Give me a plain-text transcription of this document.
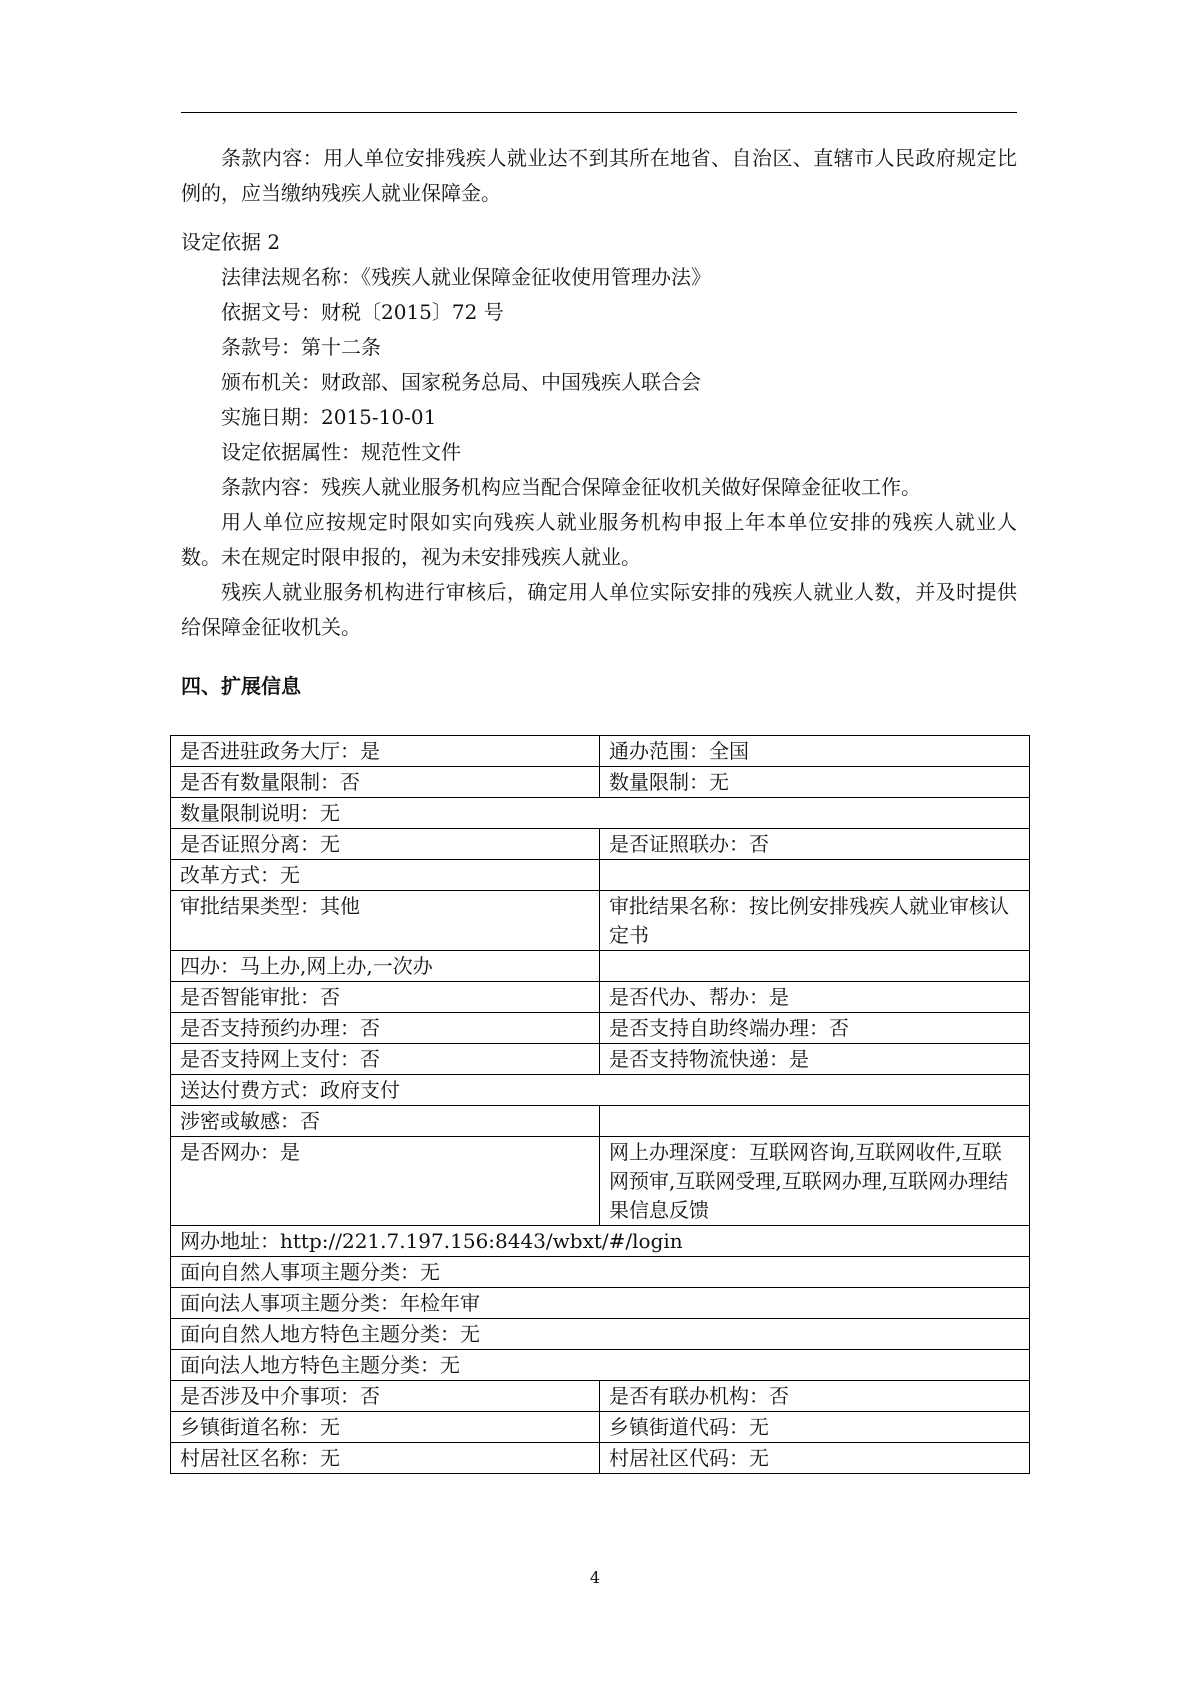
条款内容：用人单位安排残疾人就业达不到其所在地省、自治区、直辖市人民政府规定比例的，应当缴纳残疾人就业保障金。

设定依据 2

法律法规名称：《残疾人就业保障金征收使用管理办法》

依据文号：财税〔2015〕72 号

条款号：第十二条

颁布机关：财政部、国家税务总局、中国残疾人联合会

实施日期：2015-10-01

设定依据属性：规范性文件

条款内容：残疾人就业服务机构应当配合保障金征收机关做好保障金征收工作。

用人单位应按规定时限如实向残疾人就业服务机构申报上年本单位安排的残疾人就业人数。未在规定时限申报的，视为未安排残疾人就业。

残疾人就业服务机构进行审核后，确定用人单位实际安排的残疾人就业人数，并及时提供给保障金征收机关。

四、扩展信息

是否进驻政务大厅：是	通办范围：全国
是否有数量限制：否	数量限制：无
数量限制说明：无	
是否证照分离：无	是否证照联办：否
改革方式：无	
审批结果类型：其他	审批结果名称：按比例安排残疾人就业审核认定书
四办：马上办,网上办,一次办	
是否智能审批：否	是否代办、帮办：是
是否支持预约办理：否	是否支持自助终端办理：否
是否支持网上支付：否	是否支持物流快递：是
送达付费方式：政府支付	
涉密或敏感：否	
是否网办：是	网上办理深度：互联网咨询,互联网收件,互联网预审,互联网受理,互联网办理,互联网办理结果信息反馈
网办地址：http://221.7.197.156:8443/wbxt/#/login	
面向自然人事项主题分类：无	
面向法人事项主题分类：年检年审	
面向自然人地方特色主题分类：无	
面向法人地方特色主题分类：无	
是否涉及中介事项：否	是否有联办机构：否
乡镇街道名称：无	乡镇街道代码：无
村居社区名称：无	村居社区代码：无
4
